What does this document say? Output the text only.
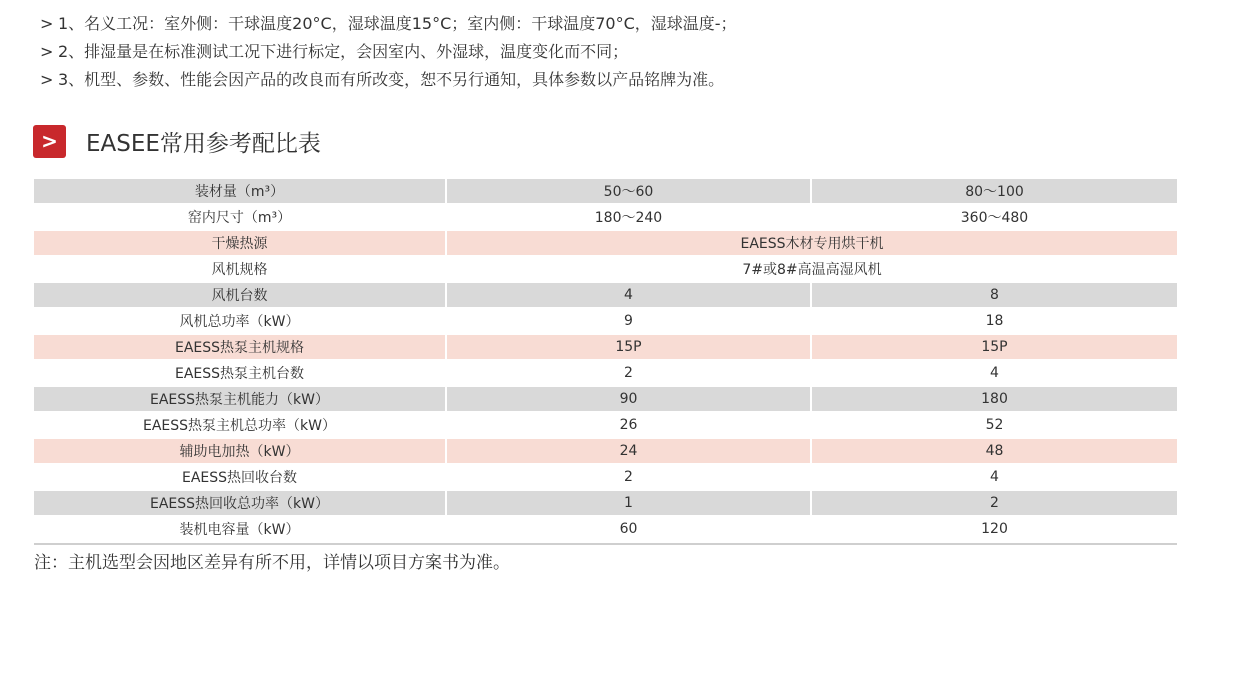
> 1、名义工况：室外侧：干球温度20°C，湿球温度15°C；室内侧：干球温度70°C，湿球温度-；
> 2、排湿量是在标准测试工况下进行标定，会因室内、外湿球，温度变化而不同；
> 3、机型、参数、性能会因产品的改良而有所改变，恕不另行通知，具体参数以产品铭牌为准。
>	EASEE常用参考配比表
装材量（m³）	50～60	80～100
窑内尺寸（m³）	180～240	360～480
干燥热源	EAESS木材专用烘干机	
风机规格	7#或8#高温高湿风机	
风机台数	4	8
风机总功率（kW）	9	18
EAESS热泵主机规格	15P	15P
EAESS热泵主机台数	2	4
EAESS热泵主机能力（kW）	90	180
EAESS热泵主机总功率（kW）	26	52
辅助电加热（kW）	24	48
EAESS热回收台数	2	4
EAESS热回收总功率（kW）	1	2
装机电容量（kW）	60	120
注：主机选型会因地区差异有所不用，详情以项目方案书为准。
